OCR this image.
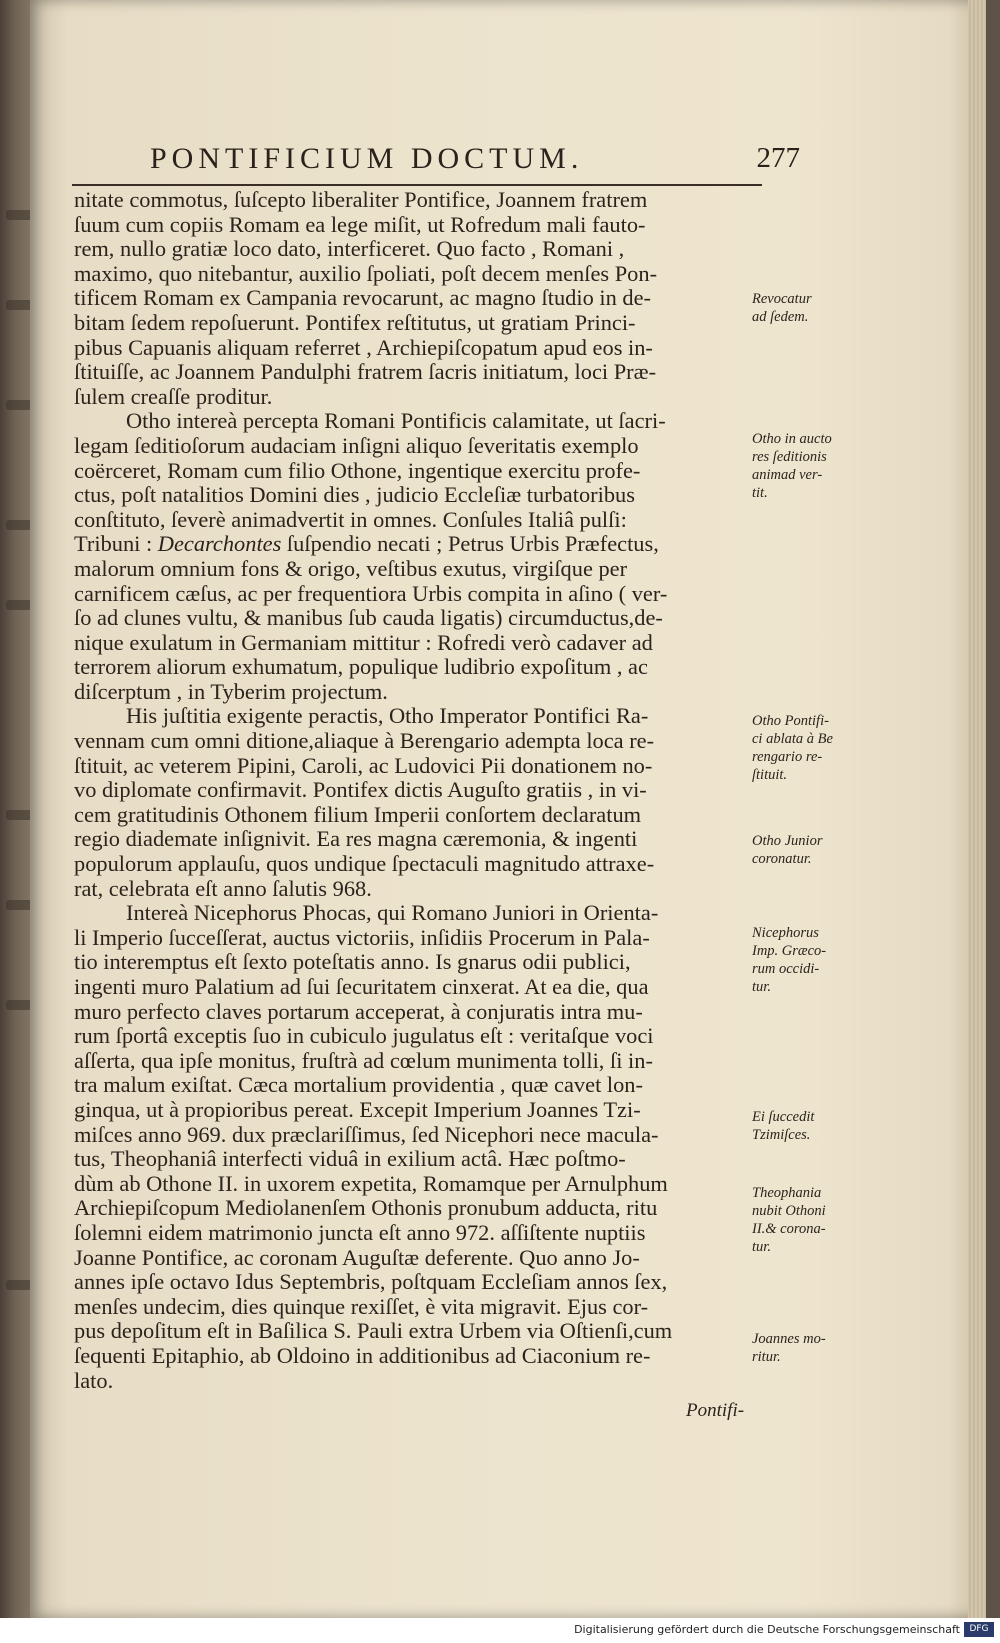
PONTIFICIUM DOCTUM.	277
nitate commotus, ſuſcepto liberaliter Pontifice, Joannem fratrem
ſuum cum copiis Romam ea lege miſit, ut Rofredum mali fauto-
rem, nullo gratiæ loco dato, interficeret. Quo facto , Romani ,
maximo, quo nitebantur, auxilio ſpoliati, poſt decem menſes Pon-
tificem Romam ex Campania revocarunt, ac magno ſtudio in de-
bitam ſedem repoſuerunt. Pontifex reſtitutus, ut gratiam Princi-
pibus Capuanis aliquam referret , Archiepiſcopatum apud eos in-
ſtituiſſe, ac Joannem Pandulphi fratrem ſacris initiatum, loci Præ-
ſulem creaſſe proditur.
Otho intereà percepta Romani Pontificis calamitate, ut ſacri-
legam ſeditioſorum audaciam inſigni aliquo ſeveritatis exemplo
coërceret, Romam cum filio Othone, ingentique exercitu profe-
ctus, poſt natalitios Domini dies , judicio Eccleſiæ turbatoribus
conſtituto, ſeverè animadvertit in omnes. Conſules Italiâ pulſi:
Tribuni : Decarchontes ſuſpendio necati ; Petrus Urbis Præfectus,
malorum omnium fons & origo, veſtibus exutus, virgiſque per
carnificem cæſus, ac per frequentiora Urbis compita in aſino ( ver-
ſo ad clunes vultu, & manibus ſub cauda ligatis) circumductus,de-
nique exulatum in Germaniam mittitur : Rofredi verò cadaver ad
terrorem aliorum exhumatum, populique ludibrio expoſitum , ac
diſcerptum , in Tyberim projectum.
His juſtitia exigente peractis, Otho Imperator Pontifici Ra-
vennam cum omni ditione,aliaque à Berengario adempta loca re-
ſtituit, ac veterem Pipini, Caroli, ac Ludovici Pii donationem no-
vo diplomate confirmavit. Pontifex dictis Auguſto gratiis , in vi-
cem gratitudinis Othonem filium Imperii conſortem declaratum
regio diademate inſignivit. Ea res magna cæremonia, & ingenti
populorum applauſu, quos undique ſpectaculi magnitudo attraxe-
rat, celebrata eſt anno ſalutis 968.
Intereà Nicephorus Phocas, qui Romano Juniori in Orienta-
li Imperio ſucceſſerat, auctus victoriis, inſidiis Procerum in Pala-
tio interemptus eſt ſexto poteſtatis anno. Is gnarus odii publici,
ingenti muro Palatium ad ſui ſecuritatem cinxerat. At ea die, qua
muro perfecto claves portarum acceperat, à conjuratis intra mu-
rum ſportâ exceptis ſuo in cubiculo jugulatus eſt : veritaſque voci
aſſerta, qua ipſe monitus, fruſtrà ad cœlum munimenta tolli, ſi in-
tra malum exiſtat. Cæca mortalium providentia , quæ cavet lon-
ginqua, ut à propioribus pereat. Excepit Imperium Joannes Tzi-
miſces anno 969. dux præclariſſimus, ſed Nicephori nece macula-
tus, Theophaniâ interfecti viduâ in exilium actâ. Hæc poſtmo-
dùm ab Othone II. in uxorem expetita, Romamque per Arnulphum
Archiepiſcopum Mediolanenſem Othonis pronubum adducta, ritu
ſolemni eidem matrimonio juncta eſt anno 972. aſſiſtente nuptiis
Joanne Pontifice, ac coronam Auguſtæ deferente. Quo anno Jo-
annes ipſe octavo Idus Septembris, poſtquam Eccleſiam annos ſex,
menſes undecim, dies quinque rexiſſet, è vita migravit. Ejus cor-
pus depoſitum eſt in Baſilica S. Pauli extra Urbem via Oſtienſi,cum
ſequenti Epitaphio, ab Oldoino in additionibus ad Ciaconium re-
lato.
Revocatur
ad ſedem.
Otho in aucto
res ſeditionis
animad ver-
tit.
Otho Pontifi-
ci ablata à Be
rengario re-
ſtituit.
Otho Junior
coronatur.
Nicephorus
Imp. Græco-
rum occidi-
tur.
Ei ſuccedit
Tzimiſces.
Theophania
nubit Othoni
II.& corona-
tur.
Joannes mo-
ritur.
Pontifi-
Digitalisierung gefördert durch die Deutsche Forschungsgemeinschaft	DFG
